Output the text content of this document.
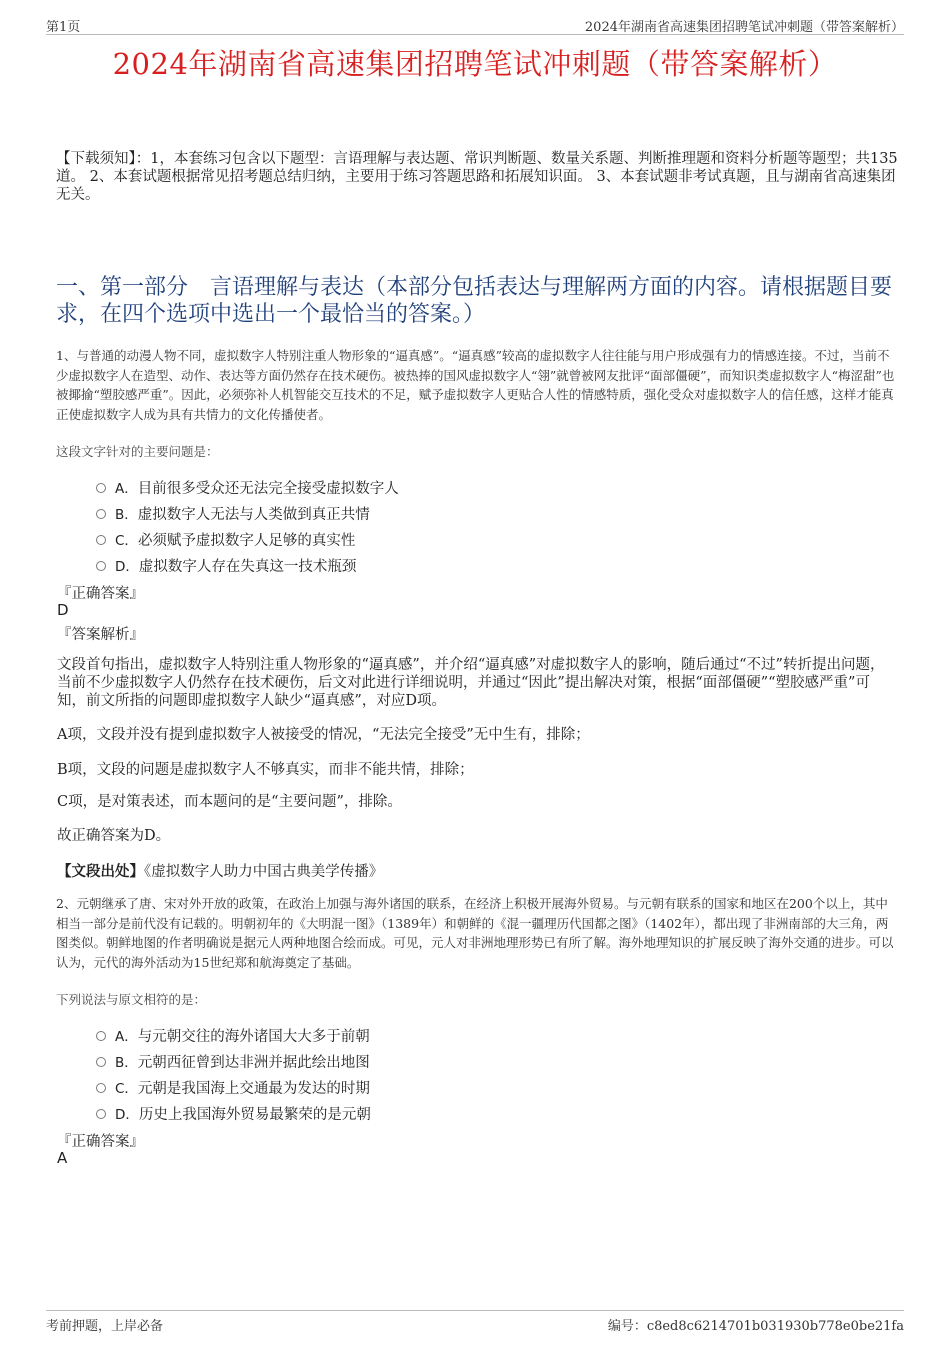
第1页	2024年湖南省高速集团招聘笔试冲刺题（带答案解析）
2024年湖南省高速集团招聘笔试冲刺题（带答案解析）
【下载须知】：1，本套练习包含以下题型：言语理解与表达题、常识判断题、数量关系题、判断推理题和资料分析题等题型；共135道。 2、本套试题根据常见招考题总结归纳，主要用于练习答题思路和拓展知识面。 3、本套试题非考试真题，且与湖南省高速集团无关。
一、第一部分　言语理解与表达（本部分包括表达与理解两方面的内容。请根据题目要求，在四个选项中选出一个最恰当的答案。）
1、与普通的动漫人物不同，虚拟数字人特别注重人物形象的“逼真感”。“逼真感”较高的虚拟数字人往往能与用户形成强有力的情感连接。不过，当前不少虚拟数字人在造型、动作、表达等方面仍然存在技术硬伤。被热捧的国风虚拟数字人“翎”就曾被网友批评“面部僵硬”，而知识类虚拟数字人“梅涩甜”也被揶揄“塑胶感严重”。因此，必须弥补人机智能交互技术的不足，赋予虚拟数字人更贴合人性的情感特质，强化受众对虚拟数字人的信任感，这样才能真正使虚拟数字人成为具有共情力的文化传播使者。
这段文字针对的主要问题是：
A．目前很多受众还无法完全接受虚拟数字人
B．虚拟数字人无法与人类做到真正共情
C．必须赋予虚拟数字人足够的真实性
D．虚拟数字人存在失真这一技术瓶颈
『正确答案』
D
『答案解析』
文段首句指出，虚拟数字人特别注重人物形象的“逼真感”，并介绍“逼真感”对虚拟数字人的影响，随后通过“不过”转折提出问题，当前不少虚拟数字人仍然存在技术硬伤，后文对此进行详细说明，并通过“因此”提出解决对策，根据“面部僵硬”“塑胶感严重”可知，前文所指的问题即虚拟数字人缺少“逼真感”，对应D项。
A项，文段并没有提到虚拟数字人被接受的情况，“无法完全接受”无中生有，排除；
B项，文段的问题是虚拟数字人不够真实，而非不能共情，排除；
C项，是对策表述，而本题问的是“主要问题”，排除。
故正确答案为D。
【文段出处】《虚拟数字人助力中国古典美学传播》
2、元朝继承了唐、宋对外开放的政策，在政治上加强与海外诸国的联系，在经济上积极开展海外贸易。与元朝有联系的国家和地区在200个以上，其中相当一部分是前代没有记载的。明朝初年的《大明混一图》（1389年）和朝鲜的《混一疆理历代国都之图》（1402年），都出现了非洲南部的大三角，两图类似。朝鲜地图的作者明确说是据元人两种地图合绘而成。可见，元人对非洲地理形势已有所了解。海外地理知识的扩展反映了海外交通的进步。可以认为，元代的海外活动为15世纪郑和航海奠定了基础。
下列说法与原文相符的是：
A．与元朝交往的海外诸国大大多于前朝
B．元朝西征曾到达非洲并据此绘出地图
C．元朝是我国海上交通最为发达的时期
D．历史上我国海外贸易最繁荣的是元朝
『正确答案』
A
考前押题，上岸必备	编号：c8ed8c6214701b031930b778e0be21fa
